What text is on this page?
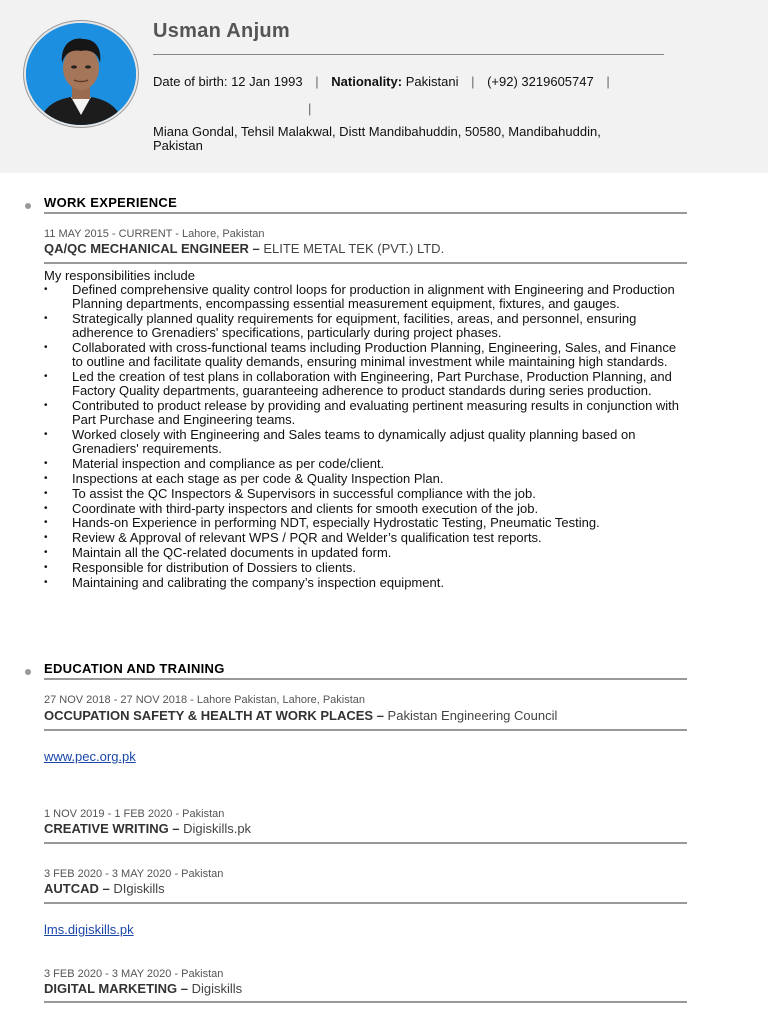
Usman Anjum
Date of birth: 12 Jan 1993 | Nationality: Pakistani | (+92) 3219605747 |
|
Miana Gondal, Tehsil Malakwal, Distt Mandibahuddin, 50580, Mandibahuddin, Pakistan
WORK EXPERIENCE
11 MAY 2015 - CURRENT - Lahore, Pakistan
QA/QC MECHANICAL ENGINEER – ELITE METAL TEK (PVT.) LTD.
My responsibilities include
• Defined comprehensive quality control loops for production in alignment with Engineering and Production Planning departments, encompassing essential measurement equipment, fixtures, and gauges.
• Strategically planned quality requirements for equipment, facilities, areas, and personnel, ensuring adherence to Grenadiers' specifications, particularly during project phases.
• Collaborated with cross-functional teams including Production Planning, Engineering, Sales, and Finance to outline and facilitate quality demands, ensuring minimal investment while maintaining high standards.
• Led the creation of test plans in collaboration with Engineering, Part Purchase, Production Planning, and Factory Quality departments, guaranteeing adherence to product standards during series production.
• Contributed to product release by providing and evaluating pertinent measuring results in conjunction with Part Purchase and Engineering teams.
• Worked closely with Engineering and Sales teams to dynamically adjust quality planning based on Grenadiers' requirements.
• Material inspection and compliance as per code/client.
• Inspections at each stage as per code & Quality Inspection Plan.
• To assist the QC Inspectors & Supervisors in successful compliance with the job.
• Coordinate with third-party inspectors and clients for smooth execution of the job.
• Hands-on Experience in performing NDT, especially Hydrostatic Testing, Pneumatic Testing.
• Review & Approval of relevant WPS / PQR and Welder’s qualification test reports.
• Maintain all the QC-related documents in updated form.
• Responsible for distribution of Dossiers to clients.
• Maintaining and calibrating the company’s inspection equipment.
EDUCATION AND TRAINING
27 NOV 2018 - 27 NOV 2018 - Lahore Pakistan, Lahore, Pakistan
OCCUPATION SAFETY & HEALTH AT WORK PLACES – Pakistan Engineering Council
www.pec.org.pk
1 NOV 2019 - 1 FEB 2020 - Pakistan
CREATIVE WRITING – Digiskills.pk
3 FEB 2020 - 3 MAY 2020 - Pakistan
AUTCAD – DIgiskills
lms.digiskills.pk
3 FEB 2020 - 3 MAY 2020 - Pakistan
DIGITAL MARKETING – Digiskills
